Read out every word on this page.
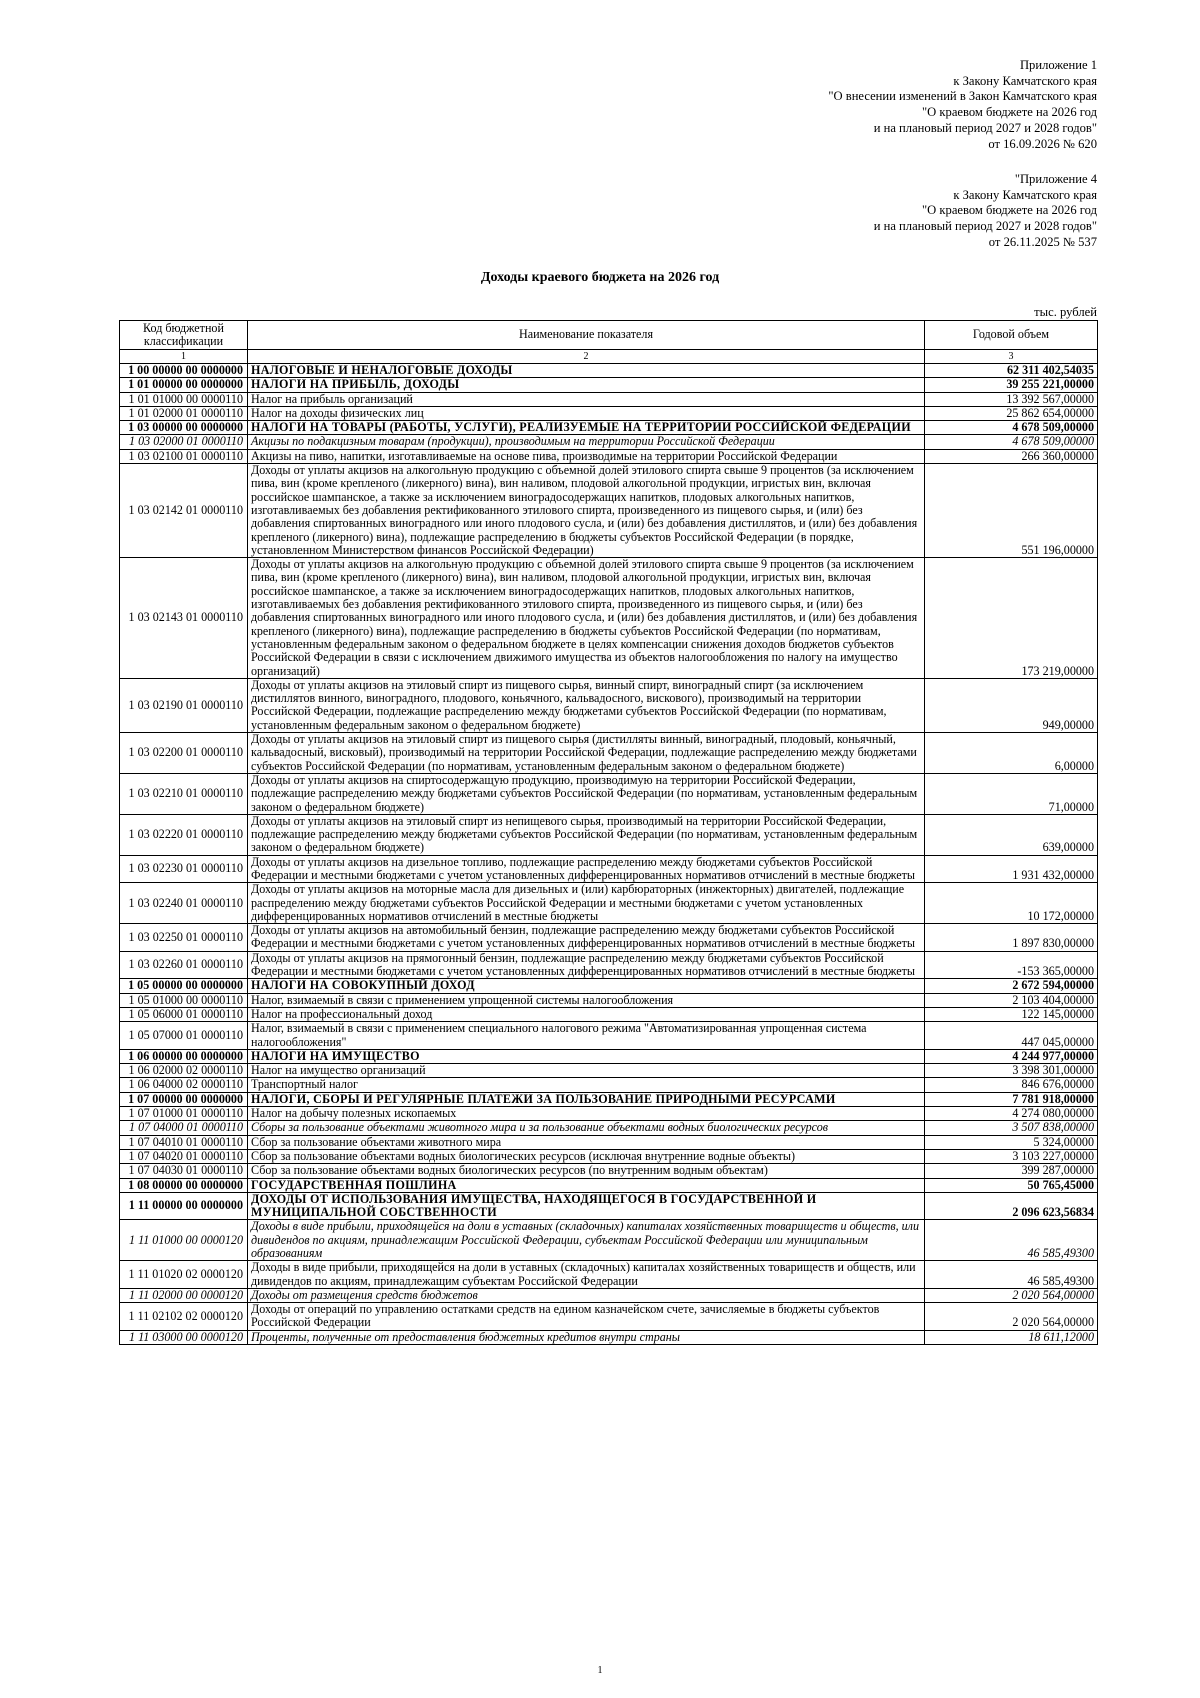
Приложение 1
к Закону Камчатского края
"О внесении изменений в Закон Камчатского края
"О краевом бюджете на 2026 год
и на плановый период 2027 и 2028 годов"
от 16.09.2026 № 620
"Приложение 4
к Закону Камчатского края
"О краевом бюджете на 2026 год
и на плановый период 2027 и 2028 годов"
от 26.11.2025 № 537
Доходы краевого бюджета на 2026 год
тыс. рублей
Код бюджетной классификации	Наименование показателя	Годовой объем
1	2	3
1 00 00000 00 0000000	НАЛОГОВЫЕ И НЕНАЛОГОВЫЕ ДОХОДЫ	62 311 402,54035
1 01 00000 00 0000000	НАЛОГИ НА ПРИБЫЛЬ, ДОХОДЫ	39 255 221,00000
1 01 01000 00 0000110	Налог на прибыль организаций	13 392 567,00000
1 01 02000 01 0000110	Налог на доходы физических лиц	25 862 654,00000
1 03 00000 00 0000000	НАЛОГИ НА ТОВАРЫ (РАБОТЫ, УСЛУГИ), РЕАЛИЗУЕМЫЕ НА ТЕРРИТОРИИ РОССИЙСКОЙ ФЕДЕРАЦИИ	4 678 509,00000
1 03 02000 01 0000110	Акцизы по подакцизным товарам (продукции), производимым на территории Российской Федерации	4 678 509,00000
1 03 02100 01 0000110	Акцизы на пиво, напитки, изготавливаемые на основе пива, производимые на территории Российской Федерации	266 360,00000
1 03 02142 01 0000110	Доходы от уплаты акцизов на алкогольную продукцию с объемной долей этилового спирта свыше 9 процентов (за исключением пива, вин (кроме крепленого (ликерного) вина), вин наливом, плодовой алкогольной продукции, игристых вин, включая российское шампанское, а также за исключением виноградосодержащих напитков, плодовых алкогольных напитков, изготавливаемых без добавления ректификованного этилового спирта, произведенного из пищевого сырья, и (или) без добавления спиртованных виноградного или иного плодового сусла, и (или) без добавления дистиллятов, и (или) без добавления крепленого (ликерного) вина), подлежащие распределению в бюджеты субъектов Российской Федерации (в порядке, установленном Министерством финансов Российской Федерации)	551 196,00000
1 03 02143 01 0000110	Доходы от уплаты акцизов на алкогольную продукцию с объемной долей этилового спирта свыше 9 процентов (за исключением пива, вин (кроме крепленого (ликерного) вина), вин наливом, плодовой алкогольной продукции, игристых вин, включая российское шампанское, а также за исключением виноградосодержащих напитков, плодовых алкогольных напитков, изготавливаемых без добавления ректификованного этилового спирта, произведенного из пищевого сырья, и (или) без добавления спиртованных виноградного или иного плодового сусла, и (или) без добавления дистиллятов, и (или) без добавления крепленого (ликерного) вина), подлежащие распределению в бюджеты субъектов Российской Федерации (по нормативам, установленным федеральным законом о федеральном бюджете в целях компенсации снижения доходов бюджетов субъектов Российской Федерации в связи с исключением движимого имущества из объектов налогообложения по налогу на имущество организаций)	173 219,00000
1 03 02190 01 0000110	Доходы от уплаты акцизов на этиловый спирт из пищевого сырья, винный спирт, виноградный спирт (за исключением дистиллятов винного, виноградного, плодового, коньячного, кальвадосного, вискового), производимый на территории Российской Федерации, подлежащие распределению между бюджетами субъектов Российской Федерации (по нормативам, установленным федеральным законом о федеральном бюджете)	949,00000
1 03 02200 01 0000110	Доходы от уплаты акцизов на этиловый спирт из пищевого сырья (дистилляты винный, виноградный, плодовый, коньячный, кальвадосный, висковый), производимый на территории Российской Федерации, подлежащие распределению между бюджетами субъектов Российской Федерации (по нормативам, установленным федеральным законом о федеральном бюджете)	6,00000
1 03 02210 01 0000110	Доходы от уплаты акцизов на спиртосодержащую продукцию, производимую на территории Российской Федерации, подлежащие распределению между бюджетами субъектов Российской Федерации (по нормативам, установленным федеральным законом о федеральном бюджете)	71,00000
1 03 02220 01 0000110	Доходы от уплаты акцизов на этиловый спирт из непищевого сырья, производимый на территории Российской Федерации, подлежащие распределению между бюджетами субъектов Российской Федерации (по нормативам, установленным федеральным законом о федеральном бюджете)	639,00000
1 03 02230 01 0000110	Доходы от уплаты акцизов на дизельное топливо, подлежащие распределению между бюджетами субъектов Российской Федерации и местными бюджетами с учетом установленных дифференцированных нормативов отчислений в местные бюджеты	1 931 432,00000
1 03 02240 01 0000110	Доходы от уплаты акцизов на моторные масла для дизельных и (или) карбюраторных (инжекторных) двигателей, подлежащие распределению между бюджетами субъектов Российской Федерации и местными бюджетами с учетом установленных дифференцированных нормативов отчислений в местные бюджеты	10 172,00000
1 03 02250 01 0000110	Доходы от уплаты акцизов на автомобильный бензин, подлежащие распределению между бюджетами субъектов Российской Федерации и местными бюджетами с учетом установленных дифференцированных нормативов отчислений в местные бюджеты	1 897 830,00000
1 03 02260 01 0000110	Доходы от уплаты акцизов на прямогонный бензин, подлежащие распределению между бюджетами субъектов Российской Федерации и местными бюджетами с учетом установленных дифференцированных нормативов отчислений в местные бюджеты	-153 365,00000
1 05 00000 00 0000000	НАЛОГИ НА СОВОКУПНЫЙ ДОХОД	2 672 594,00000
1 05 01000 00 0000110	Налог, взимаемый в связи с применением упрощенной системы налогообложения	2 103 404,00000
1 05 06000 01 0000110	Налог на профессиональный доход	122 145,00000
1 05 07000 01 0000110	Налог, взимаемый в связи с применением специального налогового режима "Автоматизированная упрощенная система налогообложения"	447 045,00000
1 06 00000 00 0000000	НАЛОГИ НА ИМУЩЕСТВО	4 244 977,00000
1 06 02000 02 0000110	Налог на имущество организаций	3 398 301,00000
1 06 04000 02 0000110	Транспортный налог	846 676,00000
1 07 00000 00 0000000	НАЛОГИ, СБОРЫ И РЕГУЛЯРНЫЕ ПЛАТЕЖИ ЗА ПОЛЬЗОВАНИЕ ПРИРОДНЫМИ РЕСУРСАМИ	7 781 918,00000
1 07 01000 01 0000110	Налог на добычу полезных ископаемых	4 274 080,00000
1 07 04000 01 0000110	Сборы за пользование объектами животного мира и за пользование объектами водных биологических ресурсов	3 507 838,00000
1 07 04010 01 0000110	Сбор за пользование объектами животного мира	5 324,00000
1 07 04020 01 0000110	Сбор за пользование объектами водных биологических ресурсов (исключая внутренние водные объекты)	3 103 227,00000
1 07 04030 01 0000110	Сбор за пользование объектами водных биологических ресурсов (по внутренним водным объектам)	399 287,00000
1 08 00000 00 0000000	ГОСУДАРСТВЕННАЯ ПОШЛИНА	50 765,45000
1 11 00000 00 0000000	ДОХОДЫ ОТ ИСПОЛЬЗОВАНИЯ ИМУЩЕСТВА, НАХОДЯЩЕГОСЯ В ГОСУДАРСТВЕННОЙ И МУНИЦИПАЛЬНОЙ СОБСТВЕННОСТИ	2 096 623,56834
1 11 01000 00 0000120	Доходы в виде прибыли, приходящейся на доли в уставных (складочных) капиталах хозяйственных товариществ и обществ, или дивидендов по акциям, принадлежащим Российской Федерации, субъектам Российской Федерации или муниципальным образованиям	46 585,49300
1 11 01020 02 0000120	Доходы в виде прибыли, приходящейся на доли в уставных (складочных) капиталах хозяйственных товариществ и обществ, или дивидендов по акциям, принадлежащим субъектам Российской Федерации	46 585,49300
1 11 02000 00 0000120	Доходы от размещения средств бюджетов	2 020 564,00000
1 11 02102 02 0000120	Доходы от операций по управлению остатками средств на едином казначейском счете, зачисляемые в бюджеты субъектов Российской Федерации	2 020 564,00000
1 11 03000 00 0000120	Проценты, полученные от предоставления бюджетных кредитов внутри страны	18 611,12000
1
